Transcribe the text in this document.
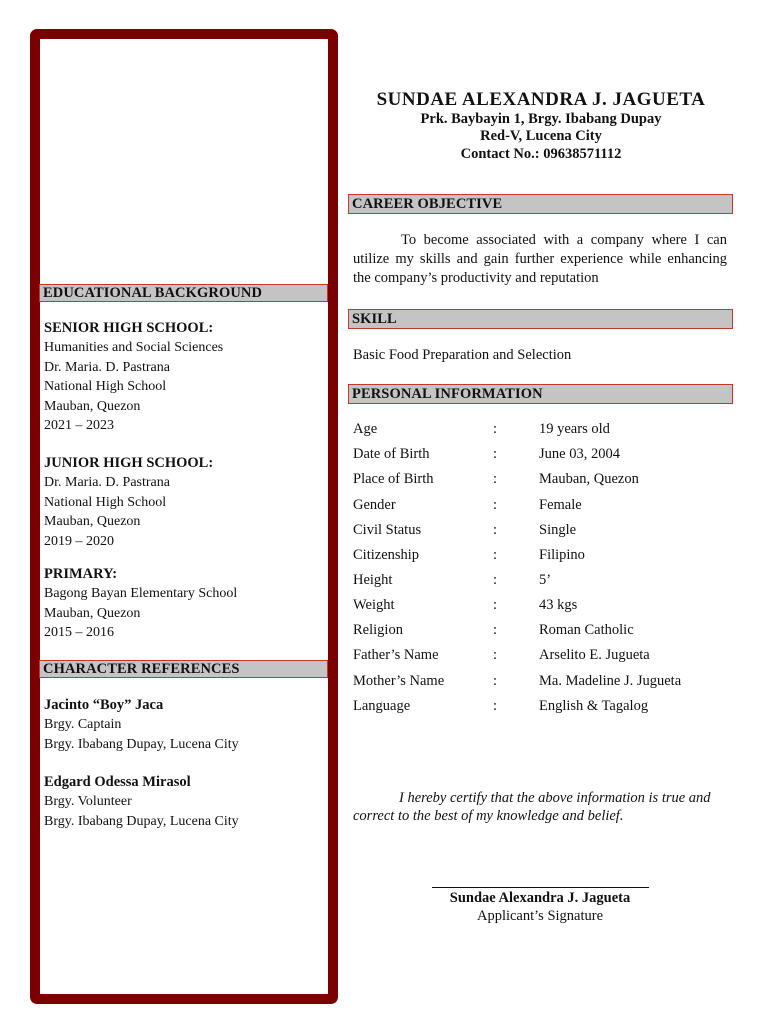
EDUCATIONAL BACKGROUND
SENIOR HIGH SCHOOL:
Humanities and Social Sciences
Dr. Maria. D. Pastrana
National High School
Mauban, Quezon
2021 – 2023
JUNIOR HIGH SCHOOL:
Dr. Maria. D. Pastrana
National High School
Mauban, Quezon
2019 – 2020
PRIMARY:
Bagong Bayan Elementary School
Mauban, Quezon
2015 – 2016
CHARACTER REFERENCES
Jacinto “Boy” Jaca
Brgy. Captain
Brgy. Ibabang Dupay, Lucena City
Edgard Odessa Mirasol
Brgy. Volunteer
Brgy. Ibabang Dupay, Lucena City
SUNDAE ALEXANDRA J. JAGUETA
Prk. Baybayin 1, Brgy. Ibabang Dupay
Red-V, Lucena City
Contact No.: 09638571112
CAREER OBJECTIVE
To become associated with a company where I can utilize my skills and gain further experience while enhancing the company’s productivity and reputation
SKILL
Basic Food Preparation and Selection
PERSONAL INFORMATION
Age	:	19 years old
Date of Birth	:	June 03, 2004
Place of Birth	:	Mauban, Quezon
Gender	:	Female
Civil Status	:	Single
Citizenship	:	Filipino
Height	:	5’
Weight	:	43 kgs
Religion	:	Roman Catholic
Father’s Name	:	Arselito E. Jugueta
Mother’s Name	:	Ma. Madeline J. Jugueta
Language	:	English & Tagalog
I hereby certify that the above information is true and correct to the best of my knowledge and belief.
Sundae Alexandra J. Jagueta
Applicant’s Signature
